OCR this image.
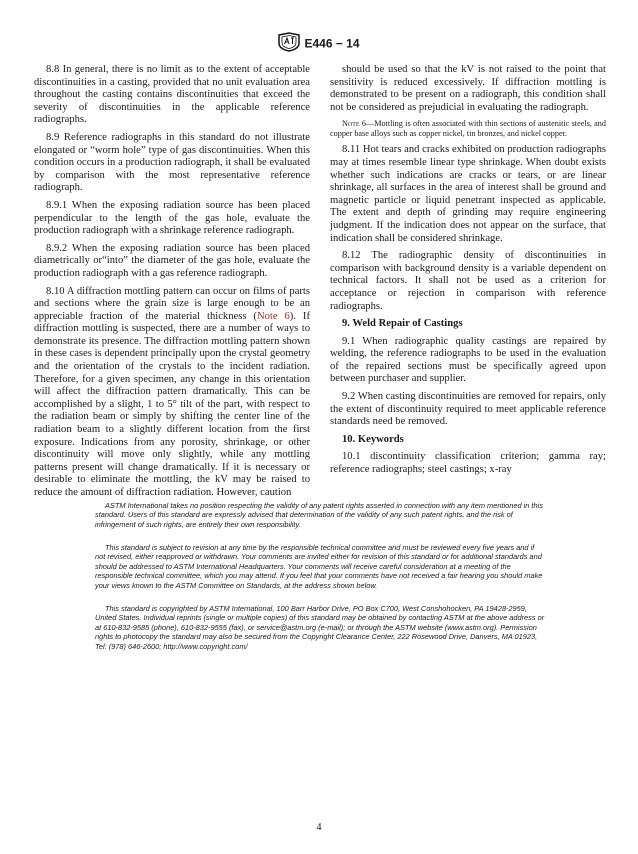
E446 − 14

8.8 In general, there is no limit as to the extent of acceptable discontinuities in a casting, provided that no unit evaluation area throughout the casting contains discontinuities that exceed the severity of discontinuities in the applicable reference radiographs.

8.9 Reference radiographs in this standard do not illustrate elongated or “worm hole” type of gas discontinuities. When this condition occurs in a production radiograph, it shall be evaluated by comparison with the most representative reference radiograph.

8.9.1 When the exposing radiation source has been placed perpendicular to the length of the gas hole, evaluate the production radiograph with a shrinkage reference radiograph.

8.9.2 When the exposing radiation source has been placed diametrically or“into” the diameter of the gas hole, evaluate the production radiograph with a gas reference radiograph.

8.10 A diffraction mottling pattern can occur on films of parts and sections where the grain size is large enough to be an appreciable fraction of the material thickness (Note 6). If diffraction mottling is suspected, there are a number of ways to demonstrate its presence. The diffraction mottling pattern shown in these cases is dependent principally upon the crystal geometry and the orientation of the crystals to the incident radiation. Therefore, for a given specimen, any change in this orientation will affect the diffraction pattern dramatically. This can be accomplished by a slight, 1 to 5° tilt of the part, with respect to the radiation beam or simply by shifting the center line of the radiation beam to a slightly different location from the first exposure. Indications from any porosity, shrinkage, or other discontinuity will move only slightly, while any mottling patterns present will change dramatically. If it is necessary or desirable to eliminate the mottling, the kV may be raised to reduce the amount of diffraction radiation. However, caution

should be used so that the kV is not raised to the point that sensitivity is reduced excessively. If diffraction mottling is demonstrated to be present on a radiograph, this condition shall not be considered as prejudicial in evaluating the radiograph.

Note 6—Mottling is often associated with thin sections of austenitic steels, and copper base alloys such as copper nickel, tin bronzes, and nickel copper.

8.11 Hot tears and cracks exhibited on production radiographs may at times resemble linear type shrinkage. When doubt exists whether such indications are cracks or tears, or are linear shrinkage, all surfaces in the area of interest shall be ground and magnetic particle or liquid penetrant inspected as applicable. The extent and depth of grinding may require engineering judgment. If the indication does not appear on the surface, that indication shall be considered shrinkage.

8.12 The radiographic density of discontinuities in comparison with background density is a variable dependent on technical factors. It shall not be used as a criterion for acceptance or rejection in comparison with reference radiographs.

9. Weld Repair of Castings

9.1 When radiographic quality castings are repaired by welding, the reference radiographs to be used in the evaluation of the repaired sections must be specifically agreed upon between purchaser and supplier.

9.2 When casting discontinuities are removed for repairs, only the extent of discontinuity required to meet applicable reference standards need be removed.

10. Keywords

10.1 discontinuity classification criterion; gamma ray; reference radiographs; steel castings; x-ray

ASTM International takes no position respecting the validity of any patent rights asserted in connection with any item mentioned in this standard. Users of this standard are expressly advised that determination of the validity of any such patent rights, and the risk of infringement of such rights, are entirely their own responsibility.

This standard is subject to revision at any time by the responsible technical committee and must be reviewed every five years and if not revised, either reapproved or withdrawn. Your comments are invited either for revision of this standard or for additional standards and should be addressed to ASTM International Headquarters. Your comments will receive careful consideration at a meeting of the responsible technical committee, which you may attend. If you feel that your comments have not received a fair hearing you should make your views known to the ASTM Committee on Standards, at the address shown below.

This standard is copyrighted by ASTM International, 100 Barr Harbor Drive, PO Box C700, West Conshohocken, PA 19428-2959, United States. Individual reprints (single or multiple copies) of this standard may be obtained by contacting ASTM at the above address or at 610-832-9585 (phone), 610-832-9555 (fax), or service@astm.org (e-mail); or through the ASTM website (www.astm.org). Permission rights to photocopy the standard may also be secured from the Copyright Clearance Center, 222 Rosewood Drive, Danvers, MA 01923, Tel: (978) 646-2600; http://www.copyright.com/

4
